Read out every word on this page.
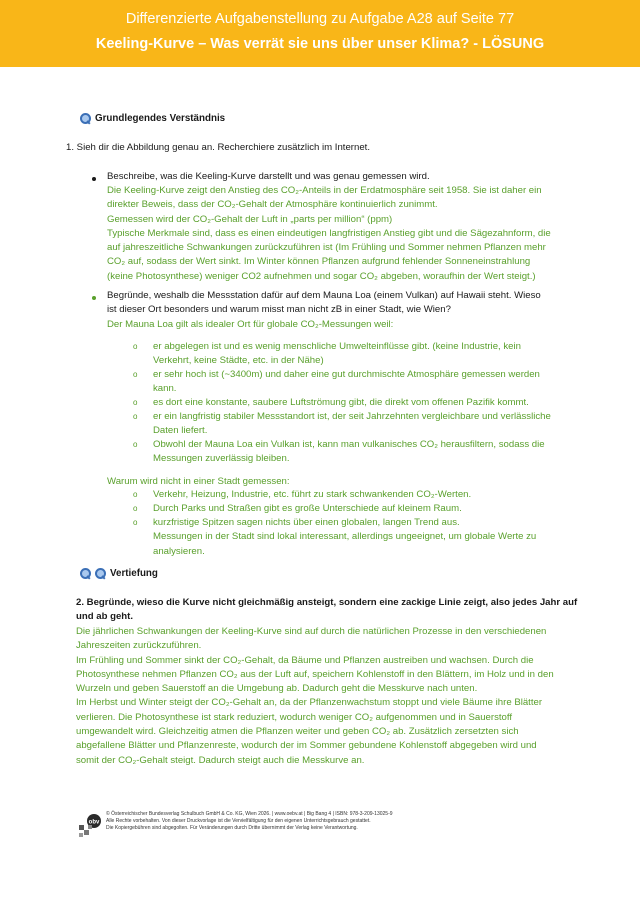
Differenzierte Aufgabenstellung zu Aufgabe A28 auf Seite 77
Keeling-Kurve – Was verrät sie uns über unser Klima? - LÖSUNG
Grundlegendes Verständnis
1. Sieh dir die Abbildung genau an. Recherchiere zusätzlich im Internet.
Beschreibe, was die Keeling-Kurve darstellt und was genau gemessen wird.
Die Keeling-Kurve zeigt den Anstieg des CO₂-Anteils in der Erdatmosphäre seit 1958. Sie ist daher ein
direkter Beweis, dass der CO₂-Gehalt der Atmosphäre kontinuierlich zunimmt.
Gemessen wird der CO₂-Gehalt der Luft in „parts per million“ (ppm)
Typische Merkmale sind, dass es einen eindeutigen langfristigen Anstieg gibt und die Sägezahnform, die
auf jahreszeitliche Schwankungen zurückzuführen ist (Im Frühling und Sommer nehmen Pflanzen mehr
CO₂ auf, sodass der Wert sinkt. Im Winter können Pflanzen aufgrund fehlender Sonneneinstrahlung
(keine Photosynthese) weniger CO2 aufnehmen und sogar CO₂ abgeben, woraufhin der Wert steigt.)
Begründe, weshalb die Messstation dafür auf dem Mauna Loa (einem Vulkan) auf Hawaii steht. Wieso
ist dieser Ort besonders und warum misst man nicht zB in einer Stadt, wie Wien?
Der Mauna Loa gilt als idealer Ort für globale CO₂-Messungen weil:
o er abgelegen ist und es wenig menschliche Umwelteinflüsse gibt. (keine Industrie, kein
Verkehrt, keine Städte, etc. in der Nähe)
o er sehr hoch ist (~3400m) und daher eine gut durchmischte Atmosphäre gemessen werden
kann.
o es dort eine konstante, saubere Luftströmung gibt, die direkt vom offenen Pazifik kommt.
o er ein langfristig stabiler Messstandort ist, der seit Jahrzehnten vergleichbare und verlässliche
Daten liefert.
o Obwohl der Mauna Loa ein Vulkan ist, kann man vulkanisches CO₂ herausfiltern, sodass die
Messungen zuverlässig bleiben.
Warum wird nicht in einer Stadt gemessen:
o Verkehr, Heizung, Industrie, etc. führt zu stark schwankenden CO₂-Werten.
o Durch Parks und Straßen gibt es große Unterschiede auf kleinem Raum.
o kurzfristige Spitzen sagen nichts über einen globalen, langen Trend aus.
Messungen in der Stadt sind lokal interessant, allerdings ungeeignet, um globale Werte zu
analysieren.
Vertiefung
2. Begründe, wieso die Kurve nicht gleichmäßig ansteigt, sondern eine zackige Linie zeigt, also jedes Jahr auf
und ab geht.
Die jährlichen Schwankungen der Keeling-Kurve sind auf durch die natürlichen Prozesse in den verschiedenen
Jahreszeiten zurückzuführen.
Im Frühling und Sommer sinkt der CO₂-Gehalt, da Bäume und Pflanzen austreiben und wachsen. Durch die
Photosynthese nehmen Pflanzen CO₂ aus der Luft auf, speichern Kohlenstoff in den Blättern, im Holz und in den
Wurzeln und geben Sauerstoff an die Umgebung ab. Dadurch geht die Messkurve nach unten.
Im Herbst und Winter steigt der CO₂-Gehalt an, da der Pflanzenwachstum stoppt und viele Bäume ihre Blätter
verlieren. Die Photosynthese ist stark reduziert, wodurch weniger CO₂ aufgenommen und in Sauerstoff
umgewandelt wird. Gleichzeitig atmen die Pflanzen weiter und geben CO₂ ab. Zusätzlich zersetzten sich
abgefallene Blätter und Pflanzenreste, wodurch der im Sommer gebundene Kohlenstoff abgegeben wird und
somit der CO₂-Gehalt steigt. Dadurch steigt auch die Messkurve an.
obv
© Österreichischer Bundesverlag Schulbuch GmbH & Co. KG, Wien 2026. | www.oebv.at | Big Bang 4 | ISBN: 978-3-209-13025-9
Alle Rechte vorbehalten. Von dieser Druckvorlage ist die Vervielfältigung für den eigenen Unterrichtsgebrauch gestattet.
Die Kopiergebühren sind abgegolten. Für Veränderungen durch Dritte übernimmt der Verlag keine Verantwortung.
